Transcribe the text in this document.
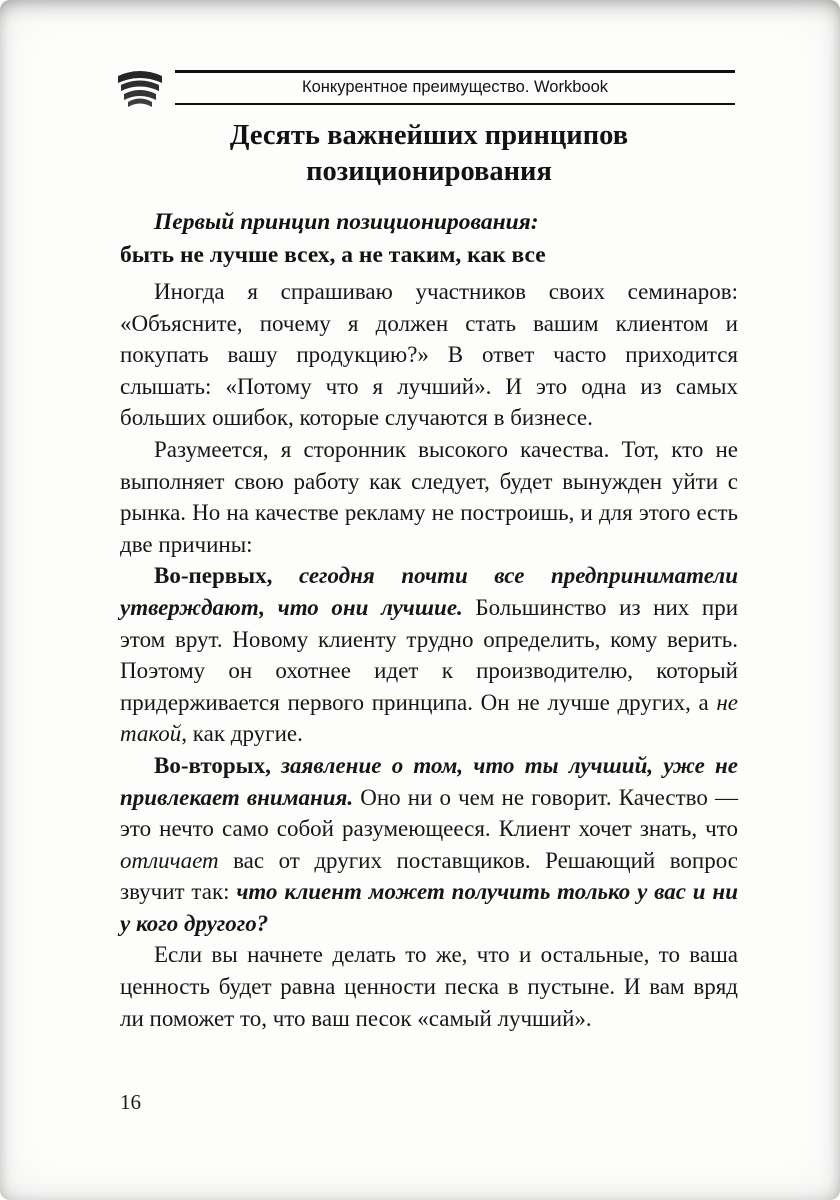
Конкурентное преимущество. Workbook
Десять важнейших принципов
позиционирования
Первый принцип позиционирования:
быть не лучше всех, а не таким, как все

Иногда я спрашиваю участников своих семинаров: «Объясните, почему я должен стать вашим клиентом и покупать вашу продукцию?» В ответ часто приходится слышать: «Потому что я лучший». И это одна из самых больших ошибок, которые случаются в бизнесе.

Разумеется, я сторонник высокого качества. Тот, кто не выполняет свою работу как следует, будет вынужден уйти с рынка. Но на качестве рекламу не построишь, и для этого есть две причины:

Во-первых, сегодня почти все предприниматели утверждают, что они лучшие. Большинство из них при этом врут. Новому клиенту трудно определить, кому верить. Поэтому он охотнее идет к производителю, который придерживается первого принципа. Он не лучше других, а не такой, как другие.

Во-вторых, заявление о том, что ты лучший, уже не привлекает внимания. Оно ни о чем не говорит. Качество — это нечто само собой разумеющееся. Клиент хочет знать, что отличает вас от других поставщиков. Решающий вопрос звучит так: что клиент может получить только у вас и ни у кого другого?

Если вы начнете делать то же, что и остальные, то ваша ценность будет равна ценности песка в пустыне. И вам вряд ли поможет то, что ваш песок «самый лучший».

16
